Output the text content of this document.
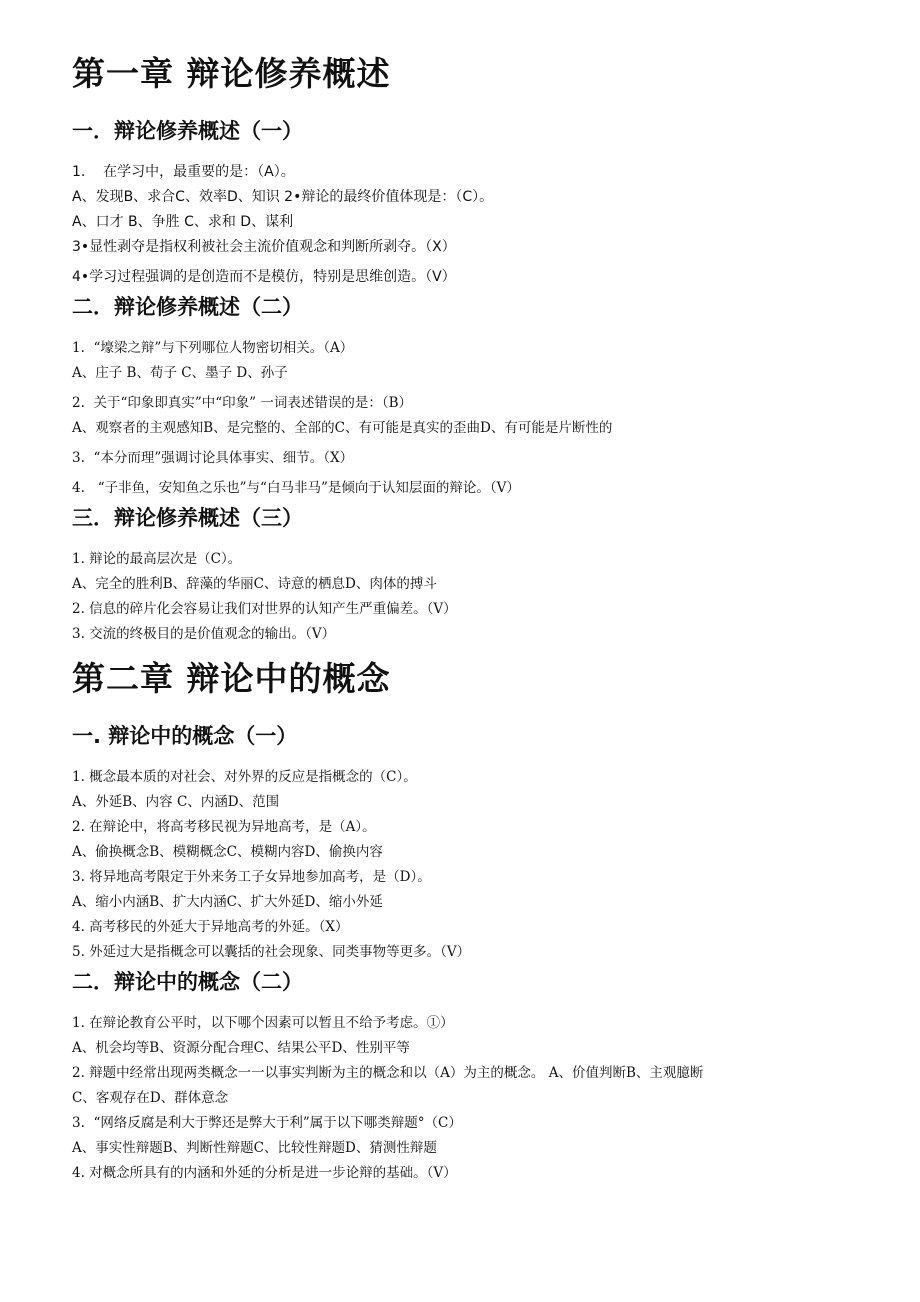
第一章 辩论修养概述
一．辩论修养概述（一）

1.    在学习中，最重要的是：（A）。

A、发现B、求合C、效率D、知识 2•辩论的最终价值体现是：（C）。

A、口才 B、争胜 C、求和 D、谋利

3•显性剥夺是指权利被社会主流价值观念和判断所剥夺。（X）

4•学习过程强调的是创造而不是模仿，特别是思维创造。（V）

二．辩论修养概述（二）

1.  “壕梁之辩”与下列哪位人物密切相关。（A）

A、庄子 B、荀子 C、墨子 D、孙子

2.  关于“印象即真实”中“印象” 一词表述错误的是：（B）

A、观察者的主观感知B、是完整的、全部的C、有可能是真实的歪曲D、有可能是片断性的

3.  “本分而理”强调讨论具体事实、细节。（X）

4.   “子非鱼，安知鱼之乐也”与“白马非马”是倾向于认知层面的辩论。（V）

三．辩论修养概述（三）

1. 辩论的最高层次是（C）。

A、完全的胜利B、辞藻的华丽C、诗意的栖息D、肉体的搏斗

2. 信息的碎片化会容易让我们对世界的认知产生严重偏差。（V）

3. 交流的终极目的是价值观念的输出。（V）

第二章 辩论中的概念
一. 辩论中的概念（一）

1. 概念最本质的对社会、对外界的反应是指概念的（C）。

A、外延B、内容 C、内涵D、范围

2. 在辩论中，将高考移民视为异地高考，是（A）。

A、偷换概念B、模糊概念C、模糊内容D、偷换内容

3. 将异地高考限定于外来务工子女异地参加高考，是（D）。

A、缩小内涵B、扩大内涵C、扩大外延D、缩小外延

4. 高考移民的外延大于异地高考的外延。（X）

5. 外延过大是指概念可以囊括的社会现象、同类事物等更多。（V）

二．辩论中的概念（二）

1. 在辩论教育公平时，以下哪个因素可以暂且不给予考虑。①）

A、机会均等B、资源分配合理C、结果公平D、性别平等

2. 辩题中经常出现两类概念一一以事实判断为主的概念和以（A）为主的概念。 A、价值判断B、主观臆断

C、客观存在D、群体意念

3.  “网络反腐是利大于弊还是弊大于利”属于以下哪类辩题°（C）

A、事实性辩题B、判断性辩题C、比较性辩题D、猜测性辩题

4. 对概念所具有的内涵和外延的分析是进一步论辩的基础。（V）
